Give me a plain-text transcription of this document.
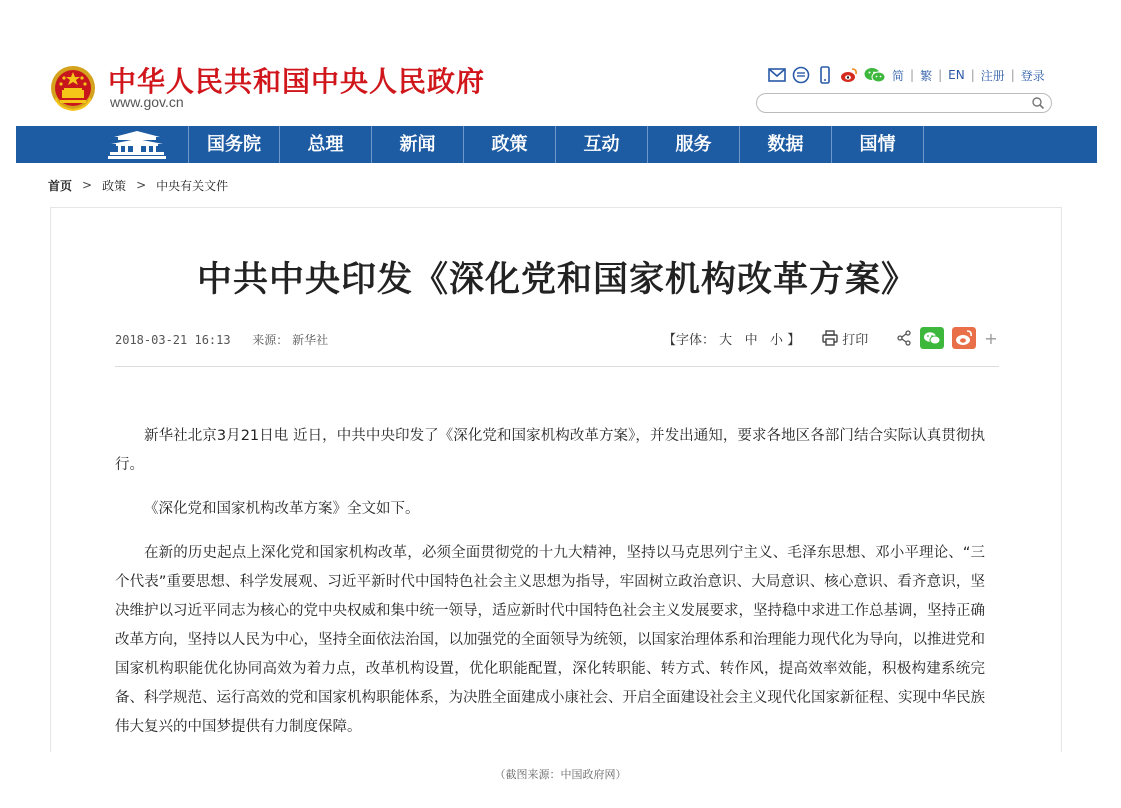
中华人民共和国中央人民政府
www.gov.cn
简 | 繁 | EN | 注册 | 登录
国务院	总理	新闻	政策	互动	服务	数据	国情
首页 > 政策 > 中央有关文件
中共中央印发《深化党和国家机构改革方案》
2018-03-21 16:13 来源： 新华社	【字体： 大 中 小 】	打印	+

新华社北京3月21日电 近日，中共中央印发了《深化党和国家机构改革方案》，并发出通知，要求各地区各部门结合实际认真贯彻执行。

《深化党和国家机构改革方案》全文如下。

在新的历史起点上深化党和国家机构改革，必须全面贯彻党的十九大精神，坚持以马克思列宁主义、毛泽东思想、邓小平理论、“三个代表”重要思想、科学发展观、习近平新时代中国特色社会主义思想为指导，牢固树立政治意识、大局意识、核心意识、看齐意识，坚决维护以习近平同志为核心的党中央权威和集中统一领导，适应新时代中国特色社会主义发展要求，坚持稳中求进工作总基调，坚持正确改革方向，坚持以人民为中心，坚持全面依法治国，以加强党的全面领导为统领，以国家治理体系和治理能力现代化为导向，以推进党和国家机构职能优化协同高效为着力点，改革机构设置，优化职能配置，深化转职能、转方式、转作风，提高效率效能，积极构建系统完备、科学规范、运行高效的党和国家机构职能体系，为决胜全面建成小康社会、开启全面建设社会主义现代化国家新征程、实现中华民族伟大复兴的中国梦提供有力制度保障。

（截图来源：中国政府网）
